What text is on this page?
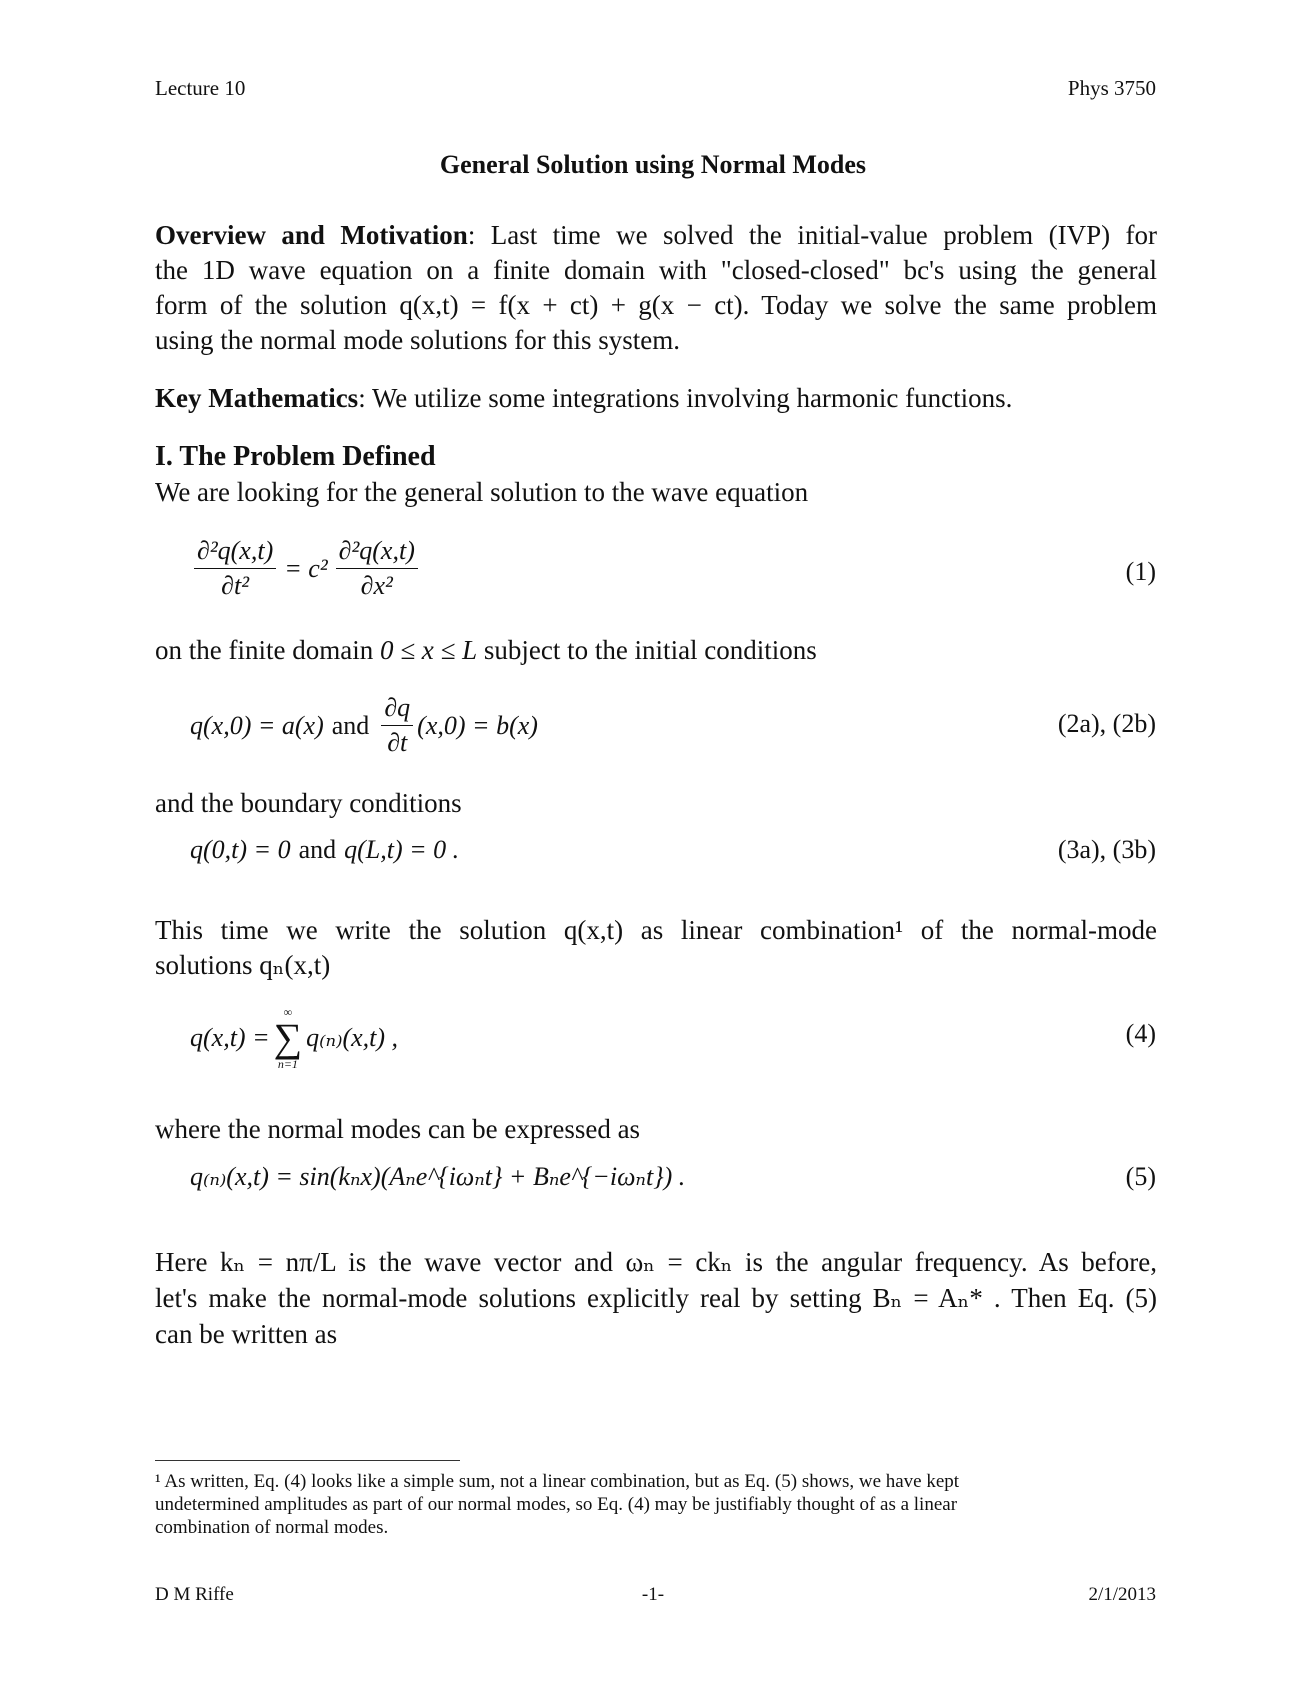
Lecture 10	Phys 3750
General Solution using Normal Modes
Overview and Motivation: Last time we solved the initial-value problem (IVP) for
the 1D wave equation on a finite domain with "closed-closed" bc's using the general
form of the solution q(x,t) = f(x + ct) + g(x − ct). Today we solve the same problem
using the normal mode solutions for this system.
Key Mathematics: We utilize some integrations involving harmonic functions.
I. The Problem Defined
We are looking for the general solution to the wave equation
$\frac{\text{∂²q(x,t)}}{\text{∂t²}} = c^2 \frac{\text{∂²q(x,t)}}{\text{∂x²}}$	(1)
on the finite domain 0 ≤ x ≤ L subject to the initial conditions
q(x,0) = a(x) and $\frac{\partial q}{\partial t} (x,0) = b(x)$	(2a), (2b)
and the boundary conditions
q(0,t) = 0 and q(L,t) = 0 .	(3a), (3b)
This time we write the solution q(x,t) as linear combination¹ of the normal-mode
solutions qₙ(x,t)
q(x,t) =
∞
∑
n=1
q₍ₙ₎(x,t) ,	(4)
where the normal modes can be expressed as
q₍ₙ₎(x,t) = sin(kₙx)(Aₙe^{iωₙt} + Bₙe^{−iωₙt}) .	(5)
Here kₙ = nπ/L is the wave vector and ωₙ = ckₙ is the angular frequency. As before,
let's make the normal-mode solutions explicitly real by setting Bₙ = Aₙ* . Then Eq. (5)
can be written as
¹ As written, Eq. (4) looks like a simple sum, not a linear combination, but as Eq. (5) shows, we have kept
undetermined amplitudes as part of our normal modes, so Eq. (4) may be justifiably thought of as a linear
combination of normal modes.
D M Riffe	-1-	2/1/2013
